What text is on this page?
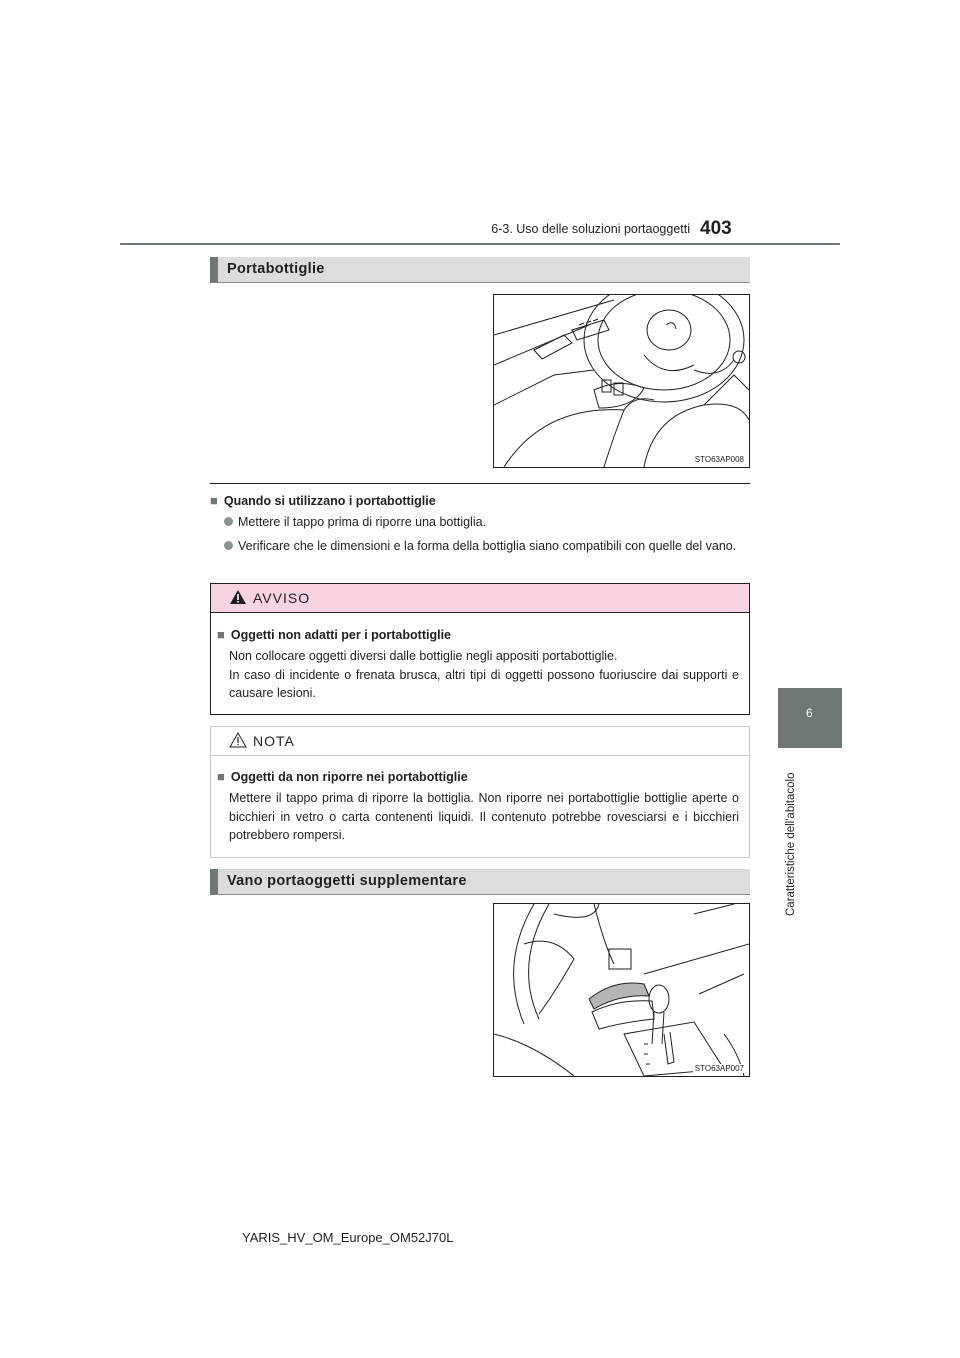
6-3. Uso delle soluzioni portaoggetti 403
6
Caratteristiche dell'abitacolo
Portabottiglie
STO63AP008
■ Quando si utilizzano i portabottiglie
Mettere il tappo prima di riporre una bottiglia.
Verificare che le dimensioni e la forma della bottiglia siano compatibili con quelle del vano.
AVVISO
■ Oggetti non adatti per i portabottiglie
Non collocare oggetti diversi dalle bottiglie negli appositi portabottiglie.
In caso di incidente o frenata brusca, altri tipi di oggetti possono fuoriuscire dai supporti e causare lesioni.
NOTA
■ Oggetti da non riporre nei portabottiglie
Mettere il tappo prima di riporre la bottiglia. Non riporre nei portabottiglie bottiglie aperte o bicchieri in vetro o carta contenenti liquidi. Il contenuto potrebbe rovesciarsi e i bicchieri potrebbero rompersi.
Vano portaoggetti supplementare
STO63AP007
YARIS_HV_OM_Europe_OM52J70L
